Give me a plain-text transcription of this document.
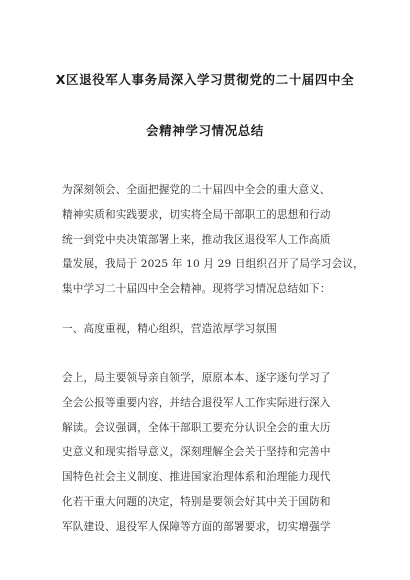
X区退役军人事务局深入学习贯彻党的二十届四中全
会精神学习情况总结
为深刻领会、全面把握党的二十届四中全会的重大意义、
精神实质和实践要求，切实将全局干部职工的思想和行动
统一到党中央决策部署上来，推动我区退役军人工作高质
量发展，我局于 2025 年 10 月 29 日组织召开了局学习会议，
集中学习二十届四中全会精神。现将学习情况总结如下：
一、高度重视，精心组织，营造浓厚学习氛围
会上，局主要领导亲自领学，原原本本、逐字逐句学习了
全会公报等重要内容，并结合退役军人工作实际进行深入
解读。会议强调，全体干部职工要充分认识全会的重大历
史意义和现实指导意义，深刻理解全会关于坚持和完善中
国特色社会主义制度、推进国家治理体系和治理能力现代
化若干重大问题的决定，特别是要领会好其中关于国防和
军队建设、退役军人保障等方面的部署要求，切实增强学
